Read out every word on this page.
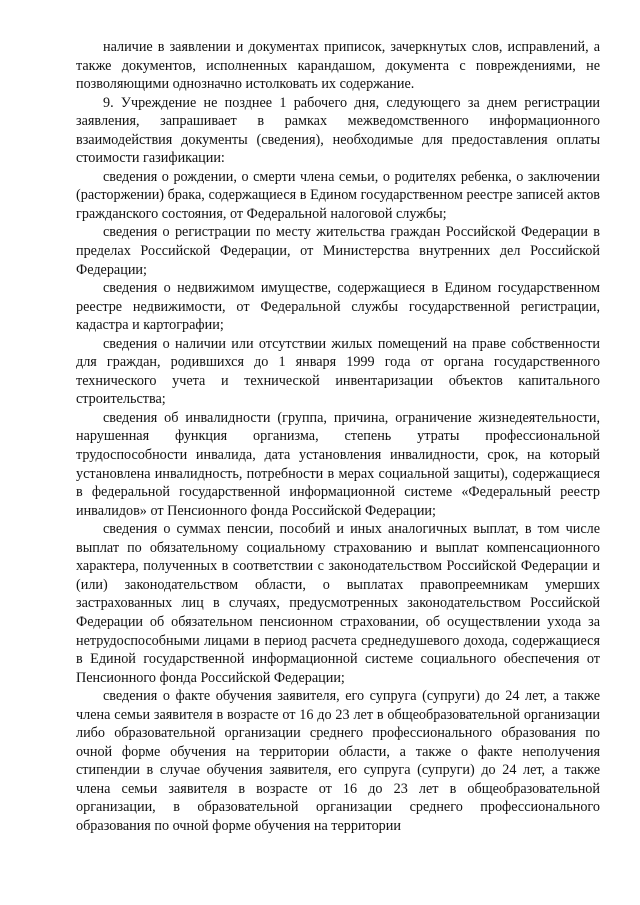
наличие в заявлении и документах приписок, зачеркнутых слов, исправлений, а также документов, исполненных карандашом, документа с повреждениями, не позволяющими однозначно истолковать их содержание.

9. Учреждение не позднее 1 рабочего дня, следующего за днем регистрации заявления, запрашивает в рамках межведомственного информационного взаимодействия документы (сведения), необходимые для предоставления оплаты стоимости газификации:

сведения о рождении, о смерти члена семьи, о родителях ребенка, о заключении (расторжении) брака, содержащиеся в Едином государственном реестре записей актов гражданского состояния, от Федеральной налоговой службы;

сведения о регистрации по месту жительства граждан Российской Федерации в пределах Российской Федерации, от Министерства внутренних дел Российской Федерации;

сведения о недвижимом имуществе, содержащиеся в Едином государственном реестре недвижимости, от Федеральной службы государственной регистрации, кадастра и картографии;

сведения о наличии или отсутствии жилых помещений на праве собственности для граждан, родившихся до 1 января 1999 года от органа государственного технического учета и технической инвентаризации объектов капитального строительства;

сведения об инвалидности (группа, причина, ограничение жизнедеятельности, нарушенная функция организма, степень утраты профессиональной трудоспособности инвалида, дата установления инвалидности, срок, на который установлена инвалидность, потребности в мерах социальной защиты), содержащиеся в федеральной государственной информационной системе «Федеральный реестр инвалидов» от Пенсионного фонда Российской Федерации;

сведения о суммах пенсии, пособий и иных аналогичных выплат, в том числе выплат по обязательному социальному страхованию и выплат компенсационного характера, полученных в соответствии с законодательством Российской Федерации и (или) законодательством области, о выплатах правопреемникам умерших застрахованных лиц в случаях, предусмотренных законодательством Российской Федерации об обязательном пенсионном страховании, об осуществлении ухода за нетрудоспособными лицами в период расчета среднедушевого дохода, содержащиеся в Единой государственной информационной системе социального обеспечения от Пенсионного фонда Российской Федерации;

сведения о факте обучения заявителя, его супруга (супруги) до 24 лет, а также члена семьи заявителя в возрасте от 16 до 23 лет в общеобразовательной организации либо образовательной организации среднего профессионального образования по очной форме обучения на территории области, а также о факте неполучения стипендии в случае обучения заявителя, его супруга (супруги) до 24 лет, а также члена семьи заявителя в возрасте от 16 до 23 лет в общеобразовательной организации, в образовательной организации среднего профессионального образования по очной форме обучения на территории
